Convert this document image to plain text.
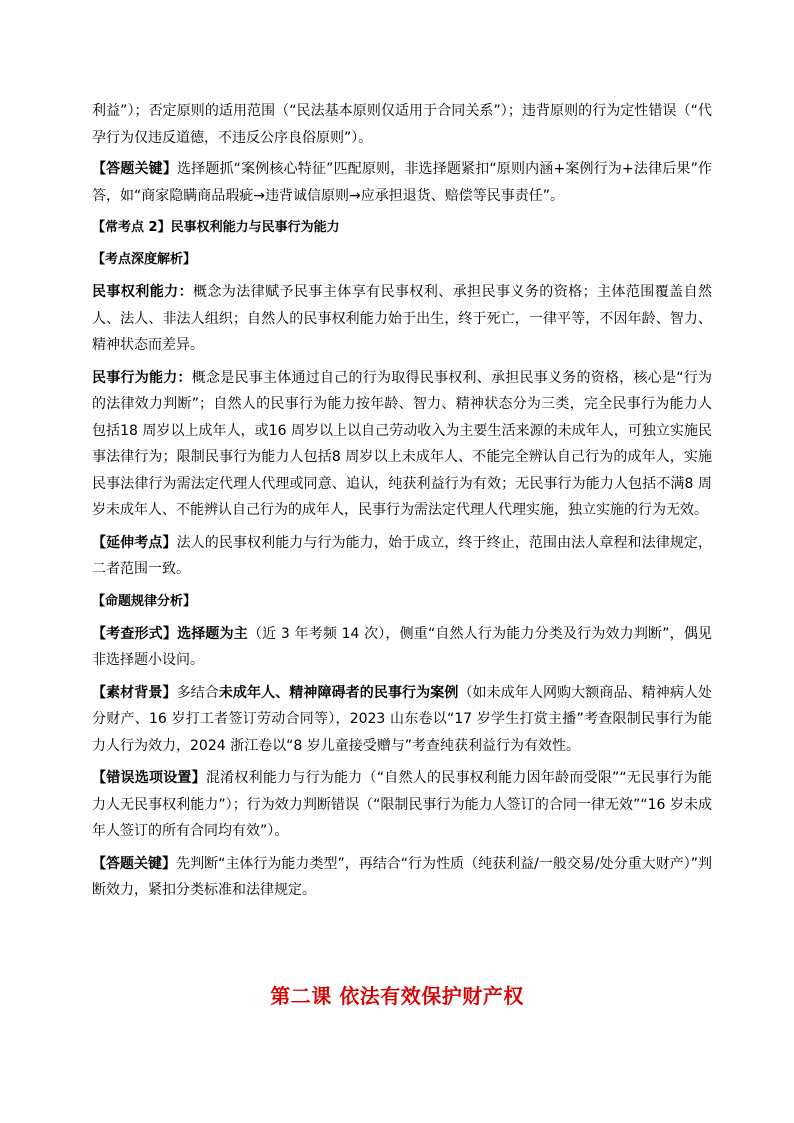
利益”）；否定原则的适用范围（“民法基本原则仅适用于合同关系”）；违背原则的行为定性错误（“代孕行为仅违反道德，不违反公序良俗原则”）。

【答题关键】选择题抓“案例核心特征”匹配原则，非选择题紧扣“原则内涵+案例行为+法律后果”作答，如“商家隐瞒商品瑕疵→违背诚信原则→应承担退货、赔偿等民事责任”。

【常考点 2】民事权利能力与民事行为能力
【考点深度解析】

民事权利能力：概念为法律赋予民事主体享有民事权利、承担民事义务的资格；主体范围覆盖自然人、法人、非法人组织；自然人的民事权利能力始于出生，终于死亡，一律平等，不因年龄、智力、精神状态而差异。

民事行为能力：概念是民事主体通过自己的行为取得民事权利、承担民事义务的资格，核心是“行为的法律效力判断”；自然人的民事行为能力按年龄、智力、精神状态分为三类，完全民事行为能力人包括18 周岁以上成年人，或16 周岁以上以自己劳动收入为主要生活来源的未成年人，可独立实施民事法律行为；限制民事行为能力人包括8 周岁以上未成年人、不能完全辨认自己行为的成年人，实施民事法律行为需法定代理人代理或同意、追认，纯获利益行为有效；无民事行为能力人包括不满8 周岁未成年人、不能辨认自己行为的成年人，民事行为需法定代理人代理实施，独立实施的行为无效。

【延伸考点】法人的民事权利能力与行为能力，始于成立，终于终止，范围由法人章程和法律规定，二者范围一致。

【命题规律分析】

【考查形式】选择题为主（近 3 年考频 14 次），侧重“自然人行为能力分类及行为效力判断”，偶见非选择题小设问。

【素材背景】多结合未成年人、精神障碍者的民事行为案例（如未成年人网购大额商品、精神病人处分财产、16 岁打工者签订劳动合同等），2023 山东卷以“17 岁学生打赏主播”考查限制民事行为能力人行为效力，2024 浙江卷以“8 岁儿童接受赠与”考查纯获利益行为有效性。

【错误选项设置】混淆权利能力与行为能力（“自然人的民事权利能力因年龄而受限”“无民事行为能力人无民事权利能力”）；行为效力判断错误（“限制民事行为能力人签订的合同一律无效”“16 岁未成年人签订的所有合同均有效”）。

【答题关键】先判断“主体行为能力类型”，再结合“行为性质（纯获利益/一般交易/处分重大财产）”判断效力，紧扣分类标准和法律规定。

第二课 依法有效保护财产权
